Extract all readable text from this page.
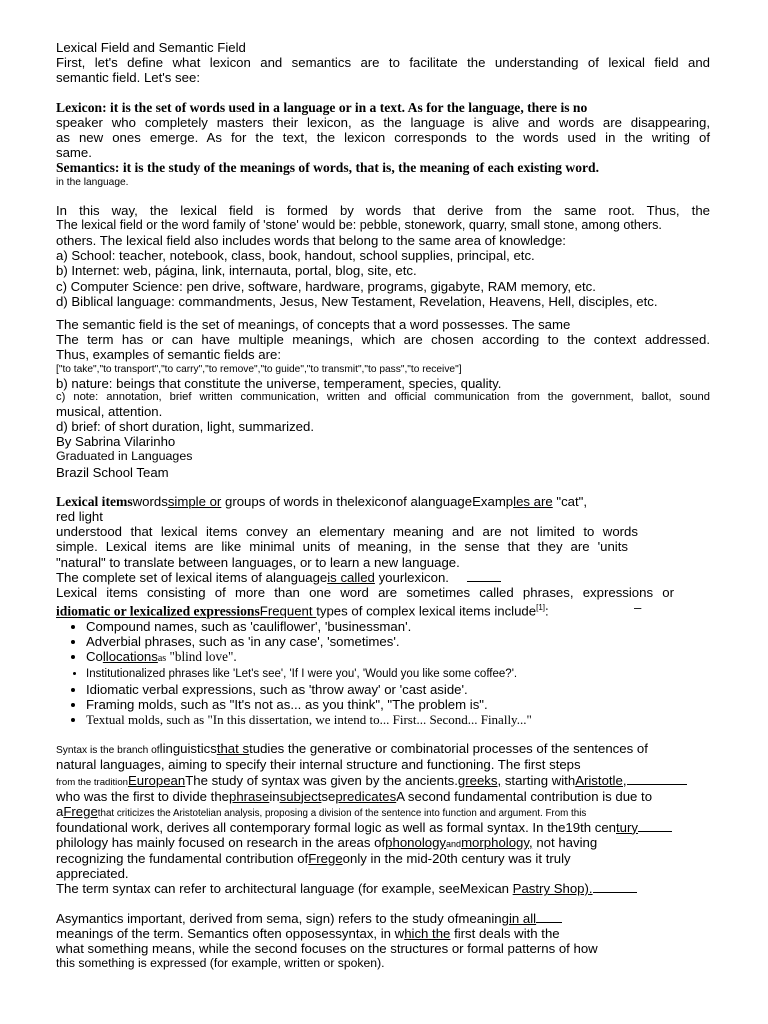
Lexical Field and Semantic Field
First, let's define what lexicon and semantics are to facilitate the understanding of lexical field and
semantic field. Let's see:
Lexicon: it is the set of words used in a language or in a text. As for the language, there is no
speaker who completely masters their lexicon, as the language is alive and words are disappearing,
as new ones emerge. As for the text, the lexicon corresponds to the words used in the writing of
same.
Semantics: it is the study of the meanings of words, that is, the meaning of each existing word.
in the language.
In this way, the lexical field is formed by words that derive from the same root. Thus, the
The lexical field or the word family of 'stone' would be: pebble, stonework, quarry, small stone, among others.
others. The lexical field also includes words that belong to the same area of knowledge:
a) School: teacher, notebook, class, book, handout, school supplies, principal, etc.
b) Internet: web, página, link, internauta, portal, blog, site, etc.
c) Computer Science: pen drive, software, hardware, programs, gigabyte, RAM memory, etc.
d) Biblical language: commandments, Jesus, New Testament, Revelation, Heavens, Hell, disciples, etc.
The semantic field is the set of meanings, of concepts that a word possesses. The same
The term has or can have multiple meanings, which are chosen according to the context addressed.
Thus, examples of semantic fields are:
["to take","to transport","to carry","to remove","to guide","to transmit","to pass","to receive"]
b) nature: beings that constitute the universe, temperament, species, quality.
c) note: annotation, brief written communication, written and official communication from the government, ballot, sound
musical, attention.
d) brief: of short duration, light, summarized.
By Sabrina Vilarinho
Graduated in Languages
Brazil School Team
Lexical itemswordssimple or groups of words in thelexiconof alanguageExamples are "cat",
red light
understood that lexical items convey an elementary meaning and are not limited to words
simple. Lexical items are like minimal units of meaning, in the sense that they are 'units
"natural" to translate between languages, or to learn a new language.
The complete set of lexical items of alanguageis called yourlexicon.
Lexical items consisting of more than one word are sometimes called phrases, expressions or
idiomatic or lexicalized expressionsFrequent types of complex lexical items include[1]:	–
• Compound names, such as 'cauliflower', 'businessman'.
• Adverbial phrases, such as 'in any case', 'sometimes'.
• Collocationsas "blind love".
• Institutionalized phrases like 'Let's see', 'If I were you', 'Would you like some coffee?'.
• Idiomatic verbal expressions, such as 'throw away' or 'cast aside'.
• Framing molds, such as "It's not as... as you think", "The problem is".
• Textual molds, such as "In this dissertation, we intend to... First... Second... Finally..."
Syntax is the branch oflinguisticsthat studies the generative or combinatorial processes of the sentences of
natural languages, aiming to specify their internal structure and functioning. The first steps
from the traditionEuropeanThe study of syntax was given by the ancients.greeks, starting withAristotle,
who was the first to divide thephraseinsubjectsepredicatesA second fundamental contribution is due to
aFregethat criticizes the Aristotelian analysis, proposing a division of the sentence into function and argument. From this
foundational work, derives all contemporary formal logic as well as formal syntax. In the19th century
philology has mainly focused on research in the areas ofphonologyandmorphology, not having
recognizing the fundamental contribution ofFregeonly in the mid-20th century was it truly
appreciated.
The term syntax can refer to architectural language (for example, seeMexican Pastry Shop).
Asymantics important, derived from sema, sign) refers to the study ofmeaningin all
meanings of the term. Semantics often opposessyntax, in which the first deals with the
what something means, while the second focuses on the structures or formal patterns of how
this something is expressed (for example, written or spoken).
